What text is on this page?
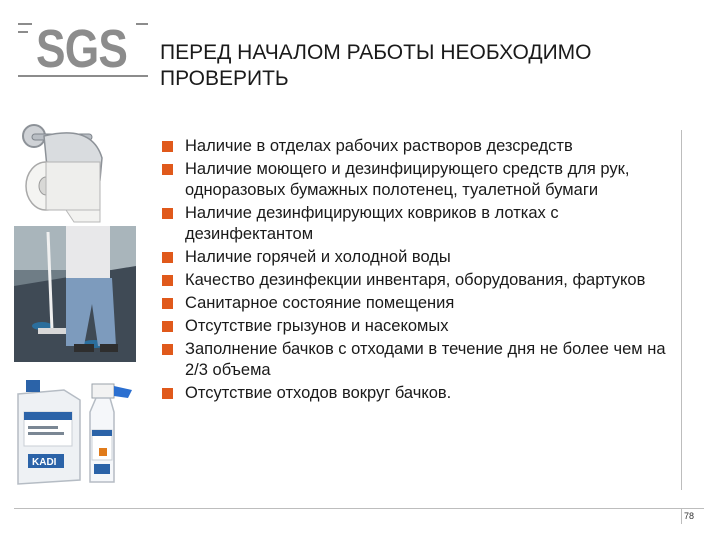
SGS ПЕРЕД НАЧАЛОМ РАБОТЫ НЕОБХОДИМО ПРОВЕРИТЬ
KADI
Наличие в отделах рабочих растворов дезсредств
Наличие моющего и дезинфицирующего средств для рук, одноразовых бумажных полотенец, туалетной бумаги
Наличие дезинфицирующих ковриков в лотках с дезинфектантом
Наличие горячей и холодной воды
Качество дезинфекции инвентаря, оборудования, фартуков
Санитарное состояние помещения
Отсутствие грызунов и насекомых
Заполнение бачков с отходами в течение дня не более чем на 2/3 объема
Отсутствие отходов вокруг бачков.
78
